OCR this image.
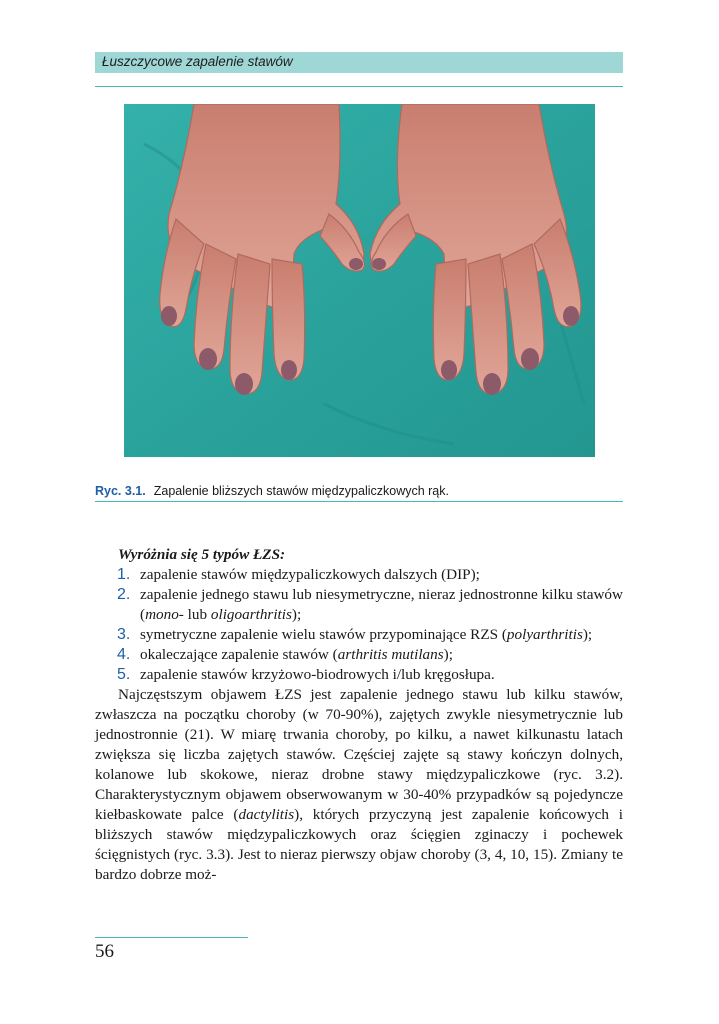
Łuszczycowe zapalenie stawów
Ryc. 3.1. Zapalenie bliższych stawów międzypaliczkowych rąk.

Wyróżnia się 5 typów ŁZS:

1. zapalenie stawów międzypaliczkowych dalszych (DIP);

2. zapalenie jednego stawu lub niesymetryczne, nieraz jednostronne kilku stawów (mono- lub oligoarthritis);

3. symetryczne zapalenie wielu stawów przypominające RZS (polyarthritis);

4. okaleczające zapalenie stawów (arthritis mutilans);

5. zapalenie stawów krzyżowo-biodrowych i/lub kręgosłupa.

Najczęstszym objawem ŁZS jest zapalenie jednego stawu lub kilku stawów, zwłaszcza na początku choroby (w 70-90%), zajętych zwykle niesymetrycznie lub jednostronnie (21). W miarę trwania choroby, po kilku, a nawet kilkunastu latach zwiększa się liczba zajętych stawów. Częściej zajęte są stawy kończyn dolnych, kolanowe lub skokowe, nieraz drobne stawy międzypaliczkowe (ryc. 3.2). Charakterystycznym objawem obserwowanym w 30-40% przypadków są pojedyncze kiełbaskowate palce (dactylitis), których przyczyną jest zapalenie końcowych i bliższych stawów międzypaliczkowych oraz ścięgien zginaczy i pochewek ścięgnistych (ryc. 3.3). Jest to nieraz pierwszy objaw choroby (3, 4, 10, 15). Zmiany te bardzo dobrze moż-

56
